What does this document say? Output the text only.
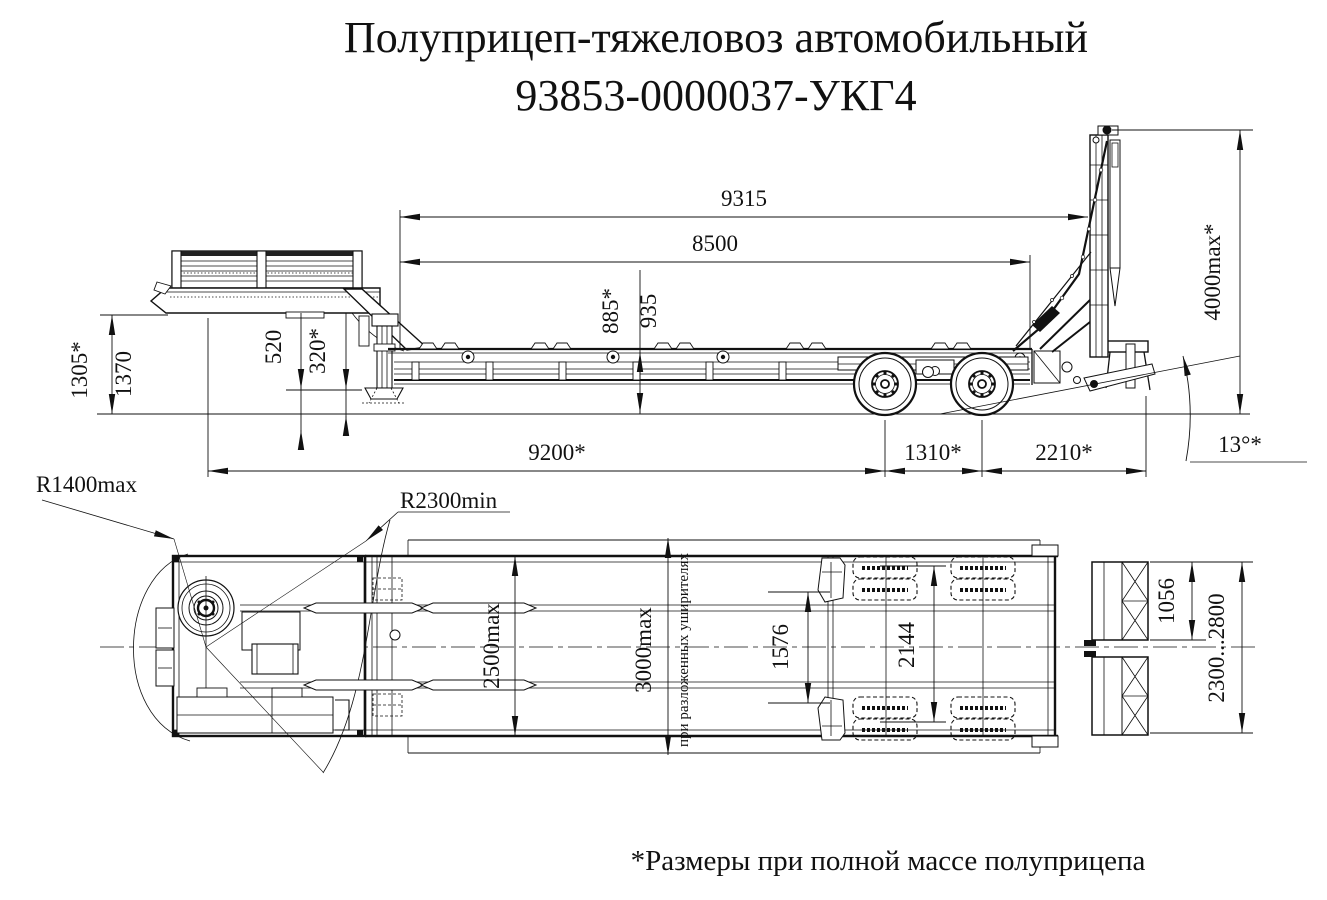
Полуприцеп-тяжеловоз автомобильный
93853-0000037-УКГ4
9315
8500	4000max*
885* 935
520 320*
1305* 1370
9200*	1310*	2210*	13°*
R1400max
R2300min
2500max	3000max при разложенных уширителях	1576	2144
1056 2300...2800
*Размеры при полной массе полуприцепа
